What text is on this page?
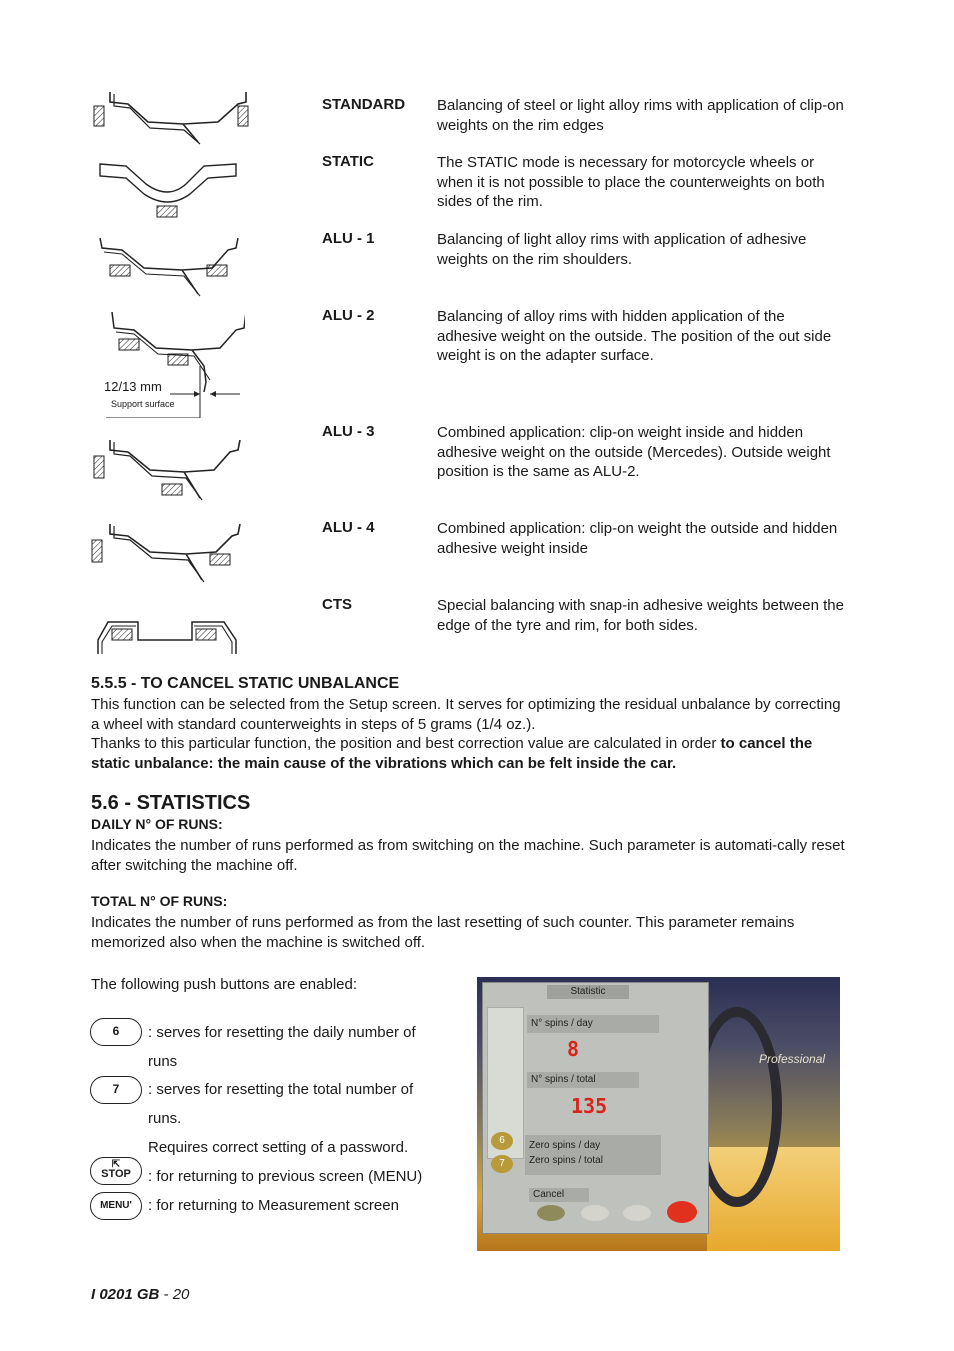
12/13 mm
Support surface
STANDARD Balancing of steel or light alloy rims with application of clip-on weights on the rim edges
STATIC	The STATIC mode is necessary for motorcycle wheels or when it is not possible to place the counterweights on both sides of the rim.
ALU - 1	Balancing of light alloy rims with application of adhesive weights on the rim shoulders.
ALU - 2	Balancing of alloy rims with hidden application of the adhesive weight on the outside. The position of the out side weight is on the adapter surface.
ALU - 3	Combined application: clip-on weight inside and hidden adhesive weight on the outside (Mercedes). Outside weight position is the same as ALU-2.
ALU - 4	Combined application: clip-on weight the outside and hidden adhesive weight inside
CTS	Special balancing with snap-in adhesive weights between the edge of the tyre and rim, for both sides.
5.5.5 - TO CANCEL STATIC UNBALANCE
This function can be selected from the Setup screen. It serves for optimizing the residual unbalance by correcting a wheel with standard counterweights in steps of 5 grams (1/4 oz.).
Thanks to this particular function, the position and best correction value are calculated in order to cancel the static unbalance: the main cause of the vibrations which can be felt inside the car.
5.6 - STATISTICS
DAILY N° OF RUNS:
Indicates the number of runs performed as from switching on the machine. Such parameter is automati-cally reset after switching the machine off.
TOTAL N° OF RUNS:
Indicates the number of runs performed as from the last resetting of such counter. This parameter remains memorized also when the machine is switched off.
The following push buttons are enabled:
6	: serves for resetting the daily number of
runs
7	: serves for resetting the total number of
runs.
Requires correct setting of a password.
⇱
STOP	: for returning to previous screen (MENU)
MENU'	: for returning to Measurement screen
Professional
Statistic
N° spins / day
8
N° spins / total
135
6
7
Zero spins / day
Zero spins / total
Cancel
I 0201 GB - 20
